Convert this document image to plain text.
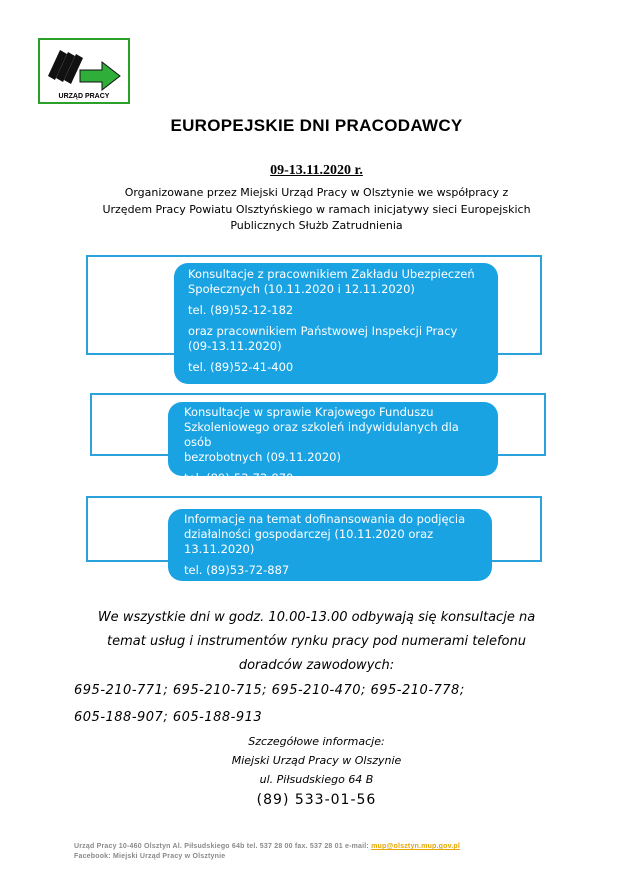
URZĄD PRACY
EUROPEJSKIE DNI PRACODAWCY
09-13.11.2020 r.
Organizowane przez Miejski Urząd Pracy w Olsztynie we współpracy z
Urzędem Pracy Powiatu Olsztyńskiego w ramach inicjatywy sieci Europejskich
Publicznych Służb Zatrudnienia

Konsultacje z pracownikiem Zakładu Ubezpieczeń

Społecznych (10.11.2020 i 12.11.2020)

tel. (89)52-12-182

oraz pracownikiem Państwowej Inspekcji Pracy

(09-13.11.2020)

tel. (89)52-41-400

Konsultacje w sprawie Krajowego Funduszu

Szkoleniowego oraz szkoleń indywidulanych dla osób

bezrobotnych (09.11.2020)

tel. (89)-53-72-870

Informacje na temat dofinansowania do podjęcia

działalności gospodarczej (10.11.2020 oraz

13.11.2020)

tel. (89)53-72-887

We wszystkie dni w godz. 10.00-13.00 odbywają się konsultacje na
temat usług i instrumentów rynku pracy pod numerami telefonu
doradców zawodowych:
695-210-771; 695-210-715; 695-210-470; 695-210-778;
605-188-907; 605-188-913
Szczegółowe informacje:
Miejski Urząd Pracy w Olszynie
ul. Piłsudskiego 64 B
(89) 533-01-56
Urząd Pracy 10-460 Olsztyn Al. Piłsudskiego 64b tel. 537 28 00 fax. 537 28 01 e-mail: mup@olsztyn.mup.gov.pl
Facebook: Miejski Urząd Pracy w Olsztynie
